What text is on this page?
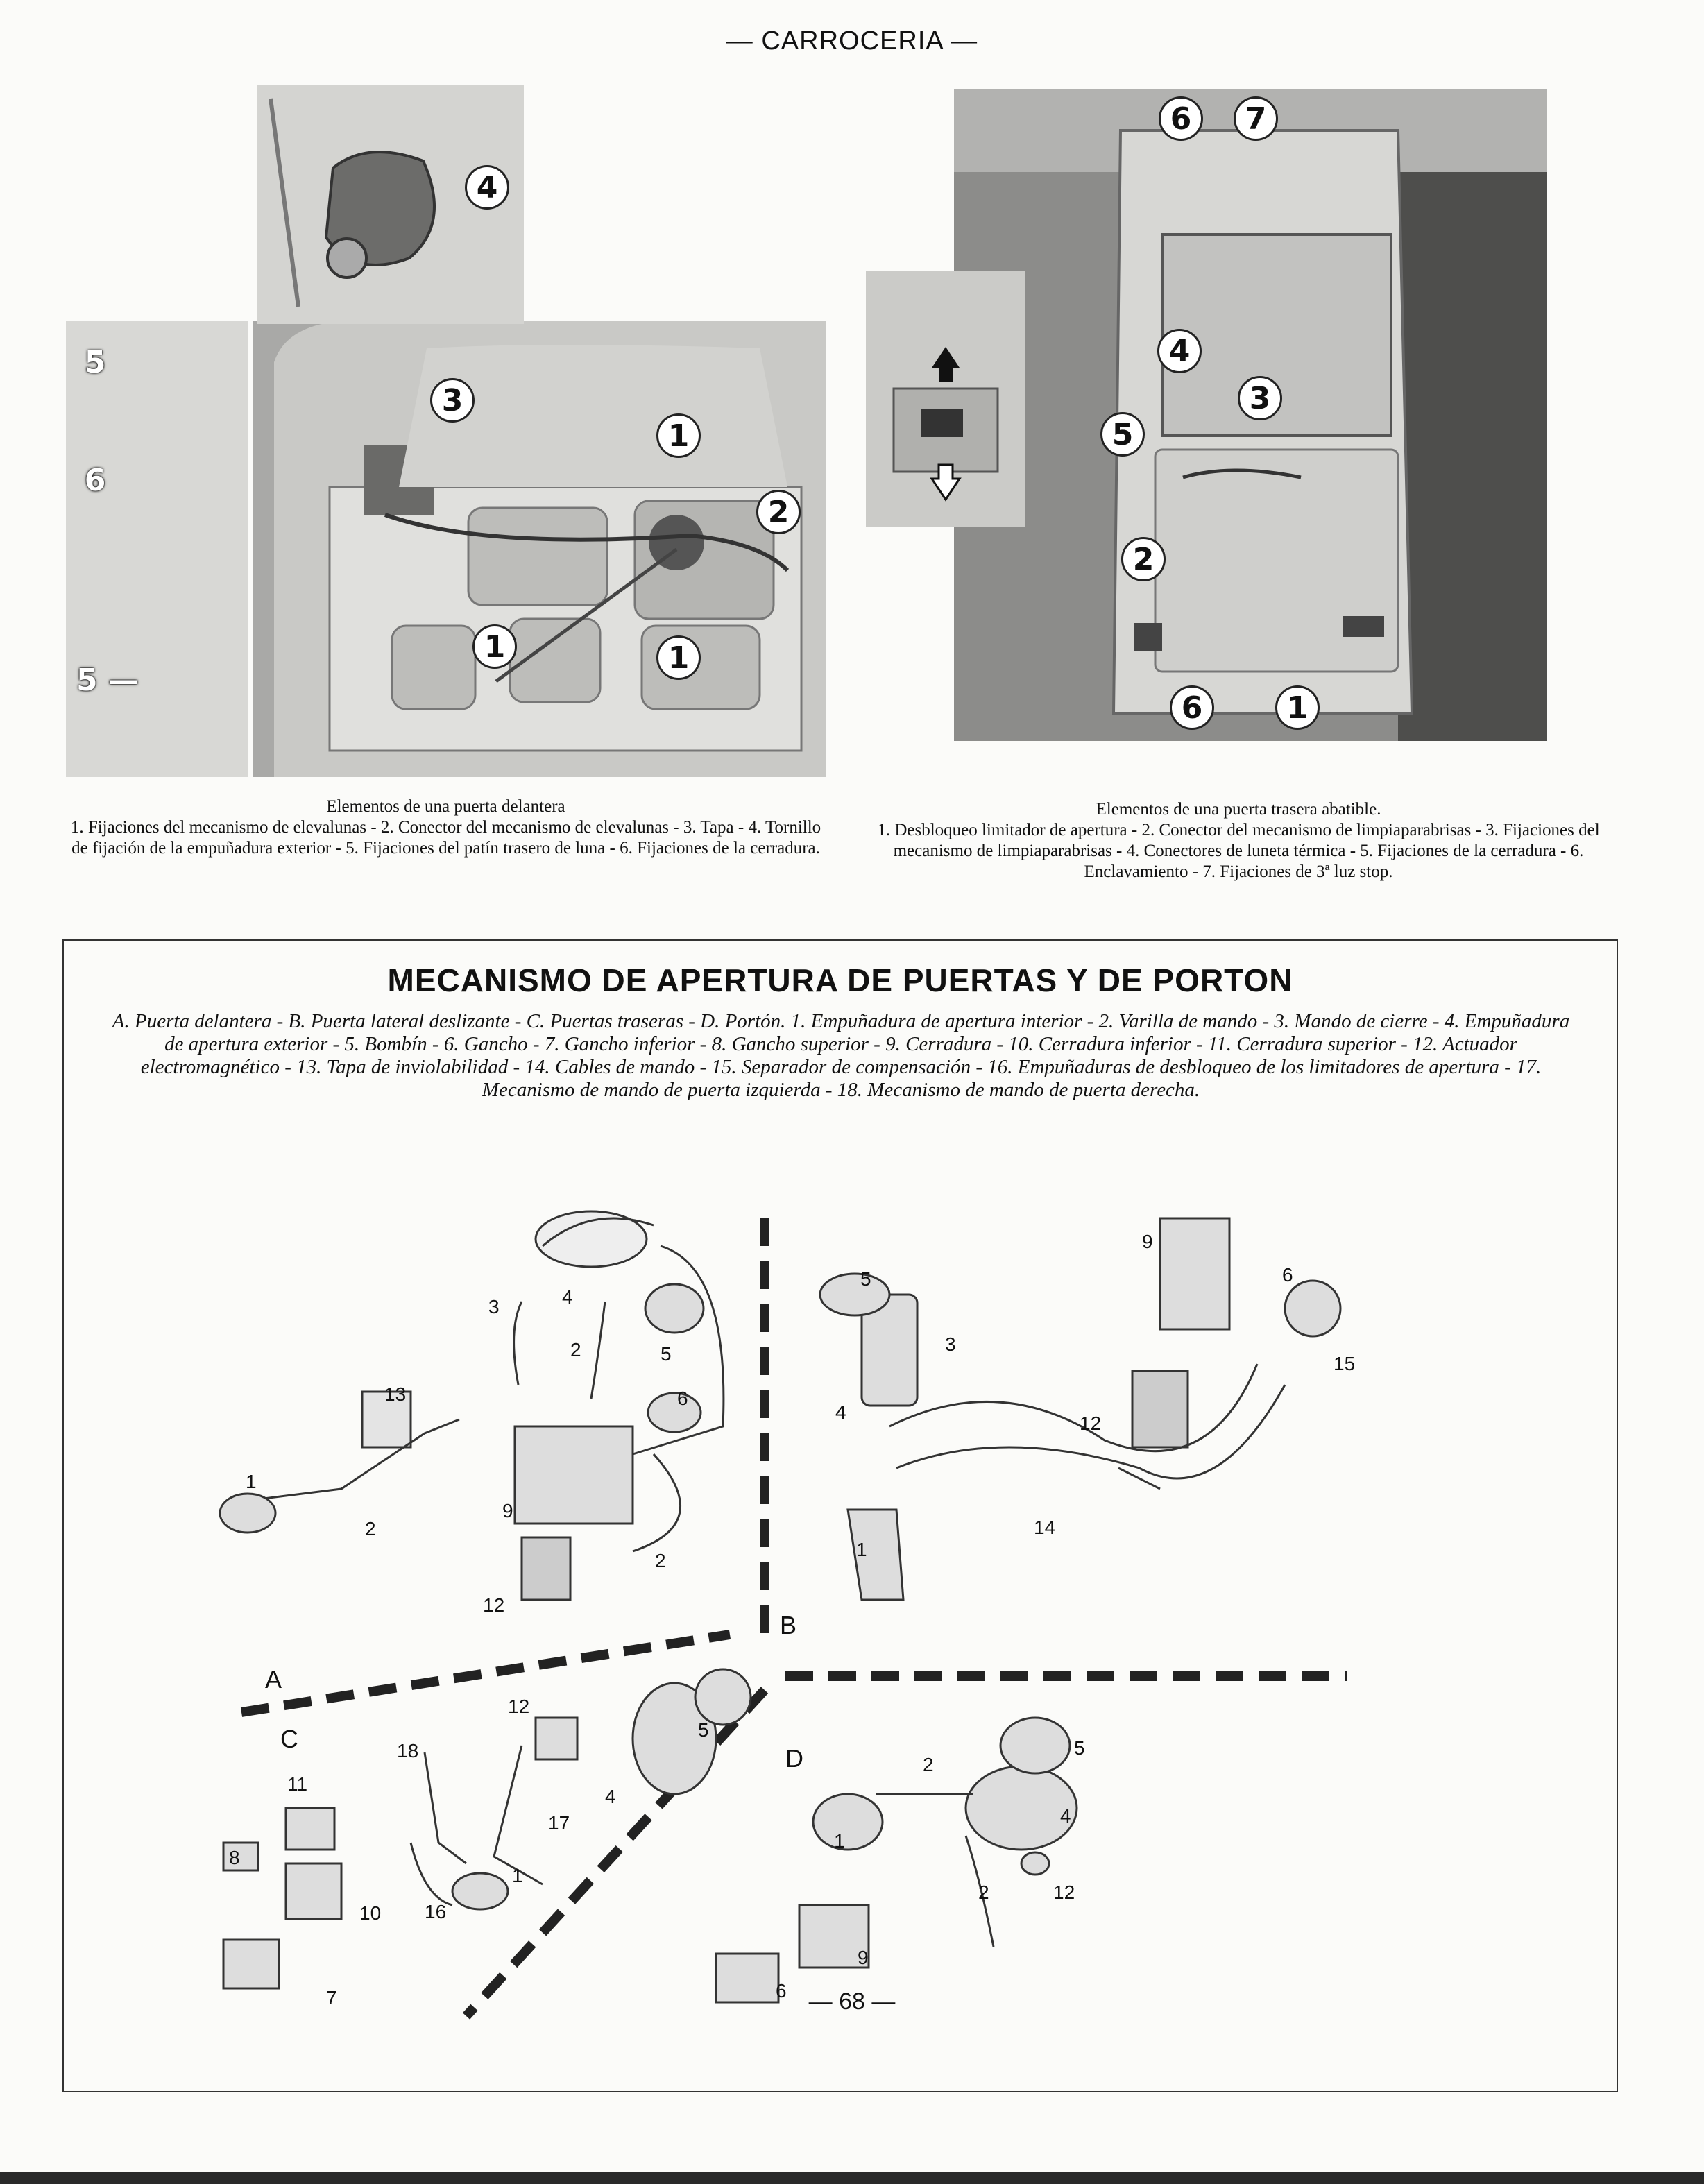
— CARROCERIA —
4
3
1
2
1	1
5
6
5 —
Elementos de una puerta delantera
1. Fijaciones del mecanismo de elevalunas - 2. Conector del mecanismo de elevalunas - 3. Tapa - 4. Tornillo de fijación de la empuñadura exterior - 5. Fijaciones del patín trasero de luna - 6. Fijaciones de la cerradura.
6	7
4
3
5
2
6	1
Elementos de una puerta trasera abatible.
1. Desbloqueo limitador de apertura - 2. Conector del mecanismo de limpiaparabrisas - 3. Fijaciones del mecanismo de limpiaparabrisas - 4. Conectores de luneta térmica - 5. Fijaciones de la cerradura - 6. Enclavamiento - 7. Fijaciones de 3ª luz stop.
MECANISMO DE APERTURA DE PUERTAS Y DE PORTON
A. Puerta delantera - B. Puerta lateral deslizante - C. Puertas traseras - D. Portón. 1. Empuñadura de apertura interior - 2. Varilla de mando - 3. Mando de cierre - 4. Empuñadura de apertura exterior - 5. Bombín - 6. Gancho - 7. Gancho inferior - 8. Gancho superior - 9. Cerradura - 10. Cerradura inferior - 11. Cerradura superior - 12. Actuador electromagnético - 13. Tapa de inviolabilidad - 14. Cables de mando - 15. Separador de compensación - 16. Empuñaduras de desbloqueo de los limitadores de apertura - 17. Mecanismo de mando de puerta izquierda - 18. Mecanismo de mando de puerta derecha.
A
B
C
D
3	4
2	5
13	6
1
2
9
2
12
5
3
4
9
6
15
12
14
1
12
18
5
4
11
17
8
1
10 16
7
2
5
4
1
2	12
9
6 — 68 —
